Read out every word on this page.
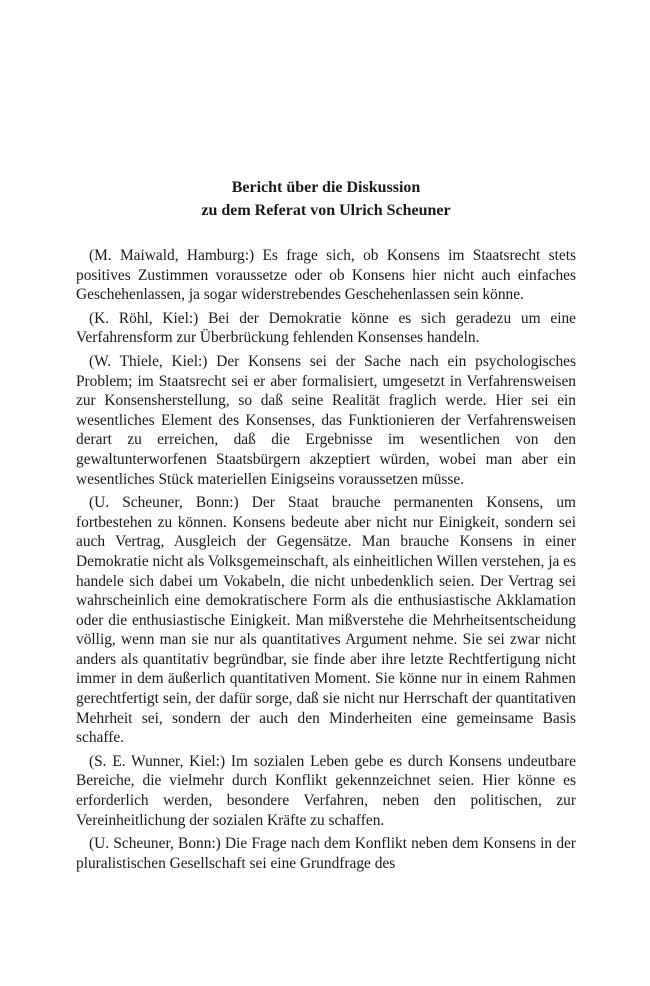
Bericht über die Diskussion
zu dem Referat von Ulrich Scheuner

(M. Maiwald, Hamburg:) Es frage sich, ob Konsens im Staatsrecht stets positives Zustimmen voraussetze oder ob Konsens hier nicht auch einfaches Geschehenlassen, ja sogar widerstrebendes Geschehenlassen sein könne.

(K. Röhl, Kiel:) Bei der Demokratie könne es sich geradezu um eine Verfahrensform zur Überbrückung fehlenden Konsenses handeln.

(W. Thiele, Kiel:) Der Konsens sei der Sache nach ein psychologisches Problem; im Staatsrecht sei er aber formalisiert, umgesetzt in Verfahrensweisen zur Konsensherstellung, so daß seine Realität fraglich werde. Hier sei ein wesentliches Element des Konsenses, das Funktionieren der Verfahrensweisen derart zu erreichen, daß die Ergebnisse im wesentlichen von den gewaltunterworfenen Staatsbürgern akzeptiert würden, wobei man aber ein wesentliches Stück materiellen Einigseins voraussetzen müsse.

(U. Scheuner, Bonn:) Der Staat brauche permanenten Konsens, um fortbestehen zu können. Konsens bedeute aber nicht nur Einigkeit, sondern sei auch Vertrag, Ausgleich der Gegensätze. Man brauche Konsens in einer Demokratie nicht als Volksgemeinschaft, als einheitlichen Willen verstehen, ja es handele sich dabei um Vokabeln, die nicht unbedenklich seien. Der Vertrag sei wahrscheinlich eine demokratischere Form als die enthusiastische Akklamation oder die enthusiastische Einigkeit. Man mißverstehe die Mehrheitsentscheidung völlig, wenn man sie nur als quantitatives Argument nehme. Sie sei zwar nicht anders als quantitativ begründbar, sie finde aber ihre letzte Rechtfertigung nicht immer in dem äußerlich quantitativen Moment. Sie könne nur in einem Rahmen gerechtfertigt sein, der dafür sorge, daß sie nicht nur Herrschaft der quantitativen Mehrheit sei, sondern der auch den Minderheiten eine gemeinsame Basis schaffe.

(S. E. Wunner, Kiel:) Im sozialen Leben gebe es durch Konsens undeutbare Bereiche, die vielmehr durch Konflikt gekennzeichnet seien. Hier könne es erforderlich werden, besondere Verfahren, neben den politischen, zur Vereinheitlichung der sozialen Kräfte zu schaffen.

(U. Scheuner, Bonn:) Die Frage nach dem Konflikt neben dem Konsens in der pluralistischen Gesellschaft sei eine Grundfrage des
